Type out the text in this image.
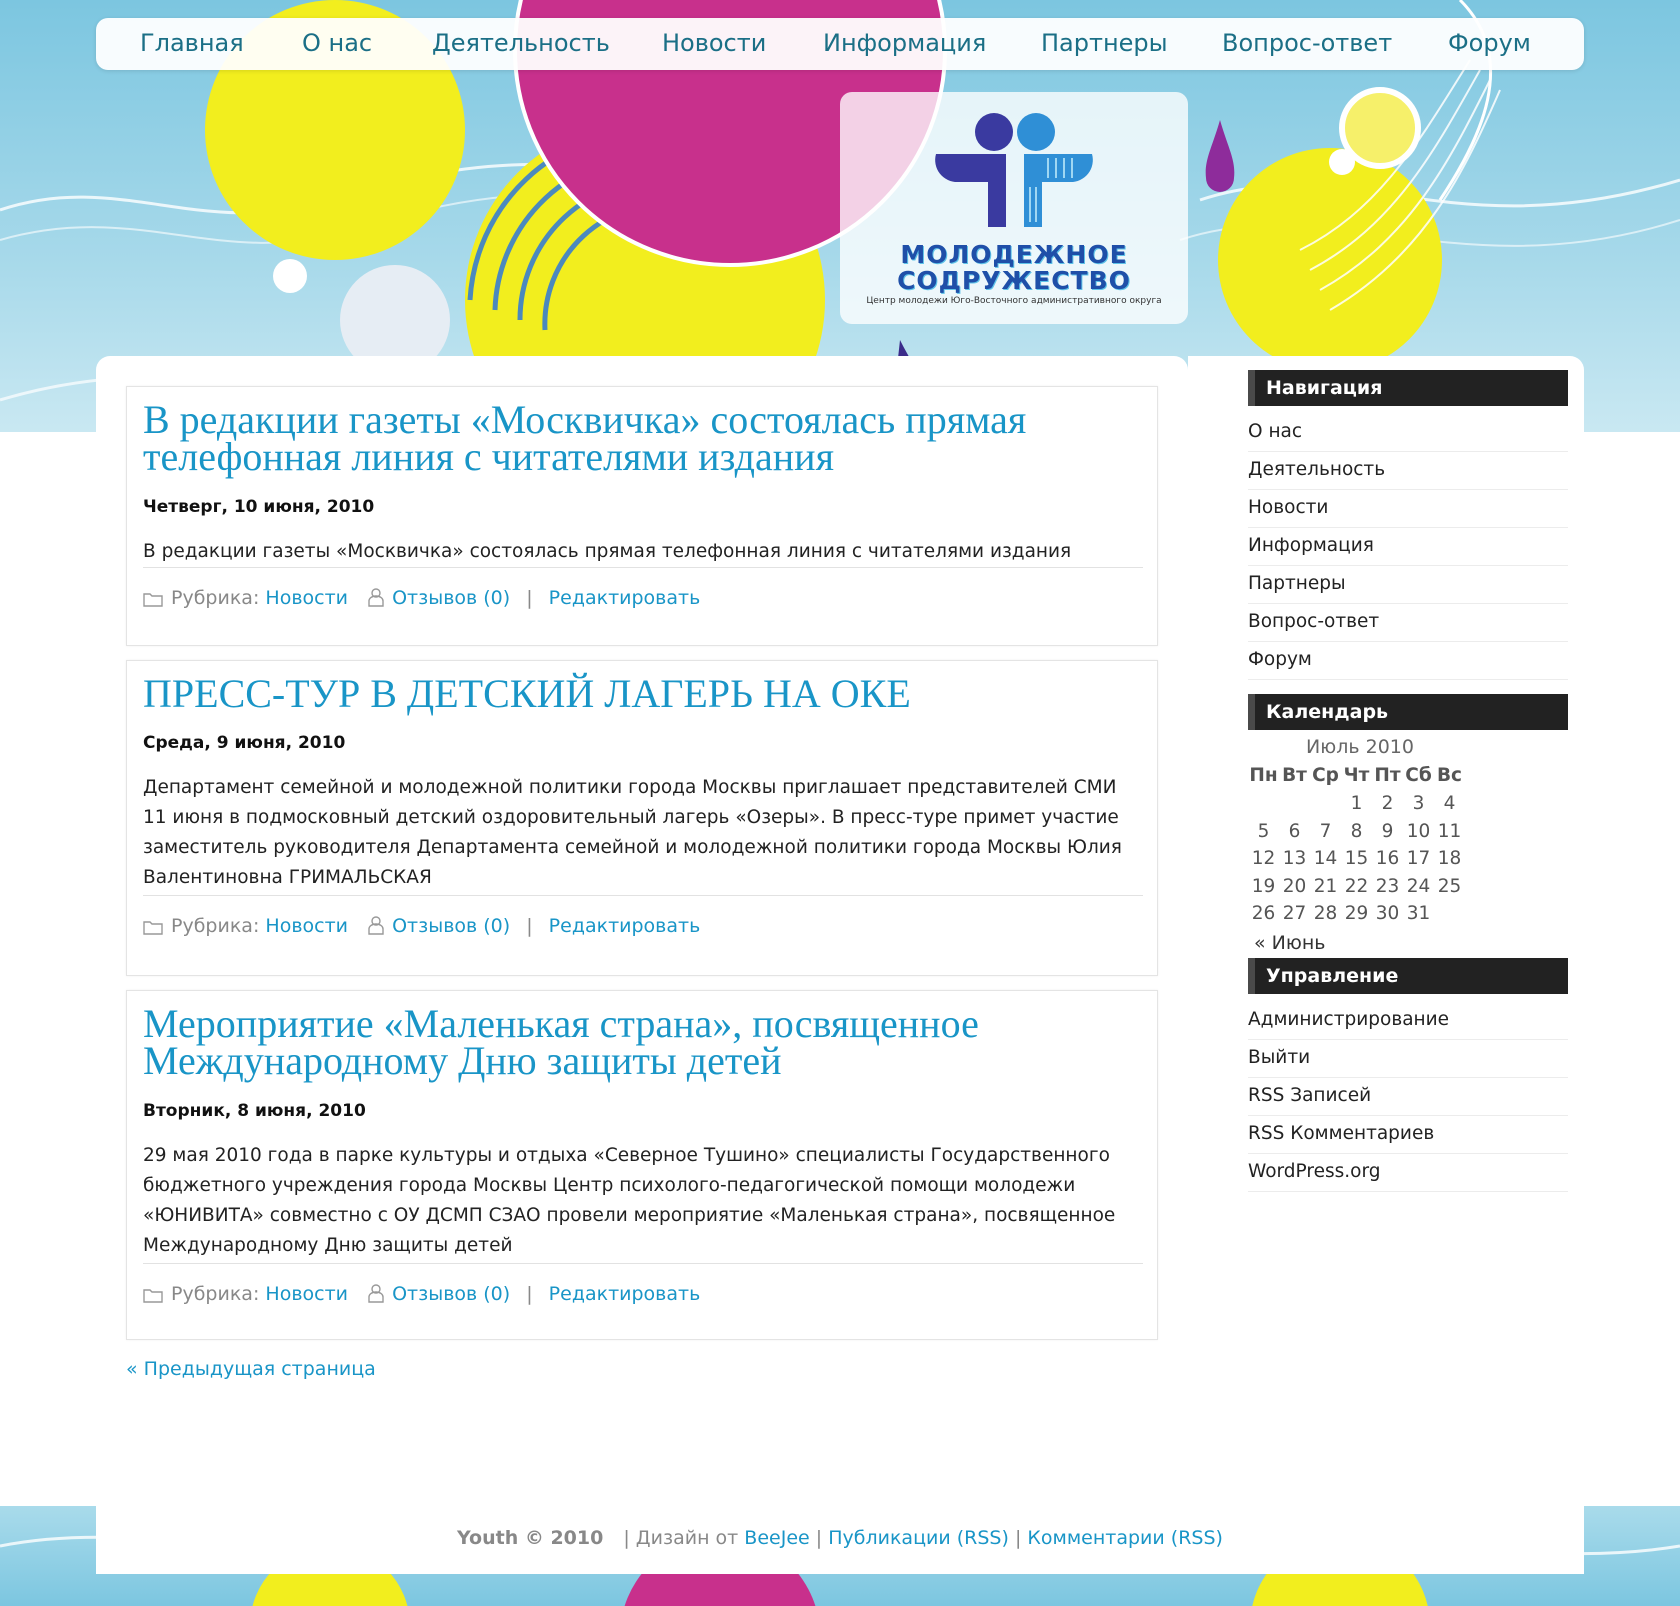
Главная О нас Деятельность Новости Информация Партнеры Вопрос-ответ Форум
МОЛОДЕЖНОЕ
СОДРУЖЕСТВО
Центр молодежи Юго-Восточного административного округа
В редакции газеты «Москвичка» состоялась прямая телефонная линия с читателями издания
Четверг, 10 июня, 2010
В редакции газеты «Москвичка» состоялась прямая телефонная линия с читателями издания
Рубрика: Новости Отзывов (0) | Редактировать
ПРЕСС-ТУР В ДЕТСКИЙ ЛАГЕРЬ НА ОКЕ
Среда, 9 июня, 2010
Департамент семейной и молодежной политики города Москвы приглашает представителей СМИ 11 июня в подмосковный детский оздоровительный лагерь «Озеры». В пресс-туре примет участие заместитель руководителя Департамента семейной и молодежной политики города Москвы Юлия Валентиновна ГРИМАЛЬСКАЯ
Рубрика: Новости Отзывов (0) | Редактировать
Мероприятие «Маленькая страна», посвященное Международному Дню защиты детей
Вторник, 8 июня, 2010
29 мая 2010 года в парке культуры и отдыха «Северное Тушино» специалисты Государственного бюджетного учреждения города Москвы Центр психолого-педагогической помощи молодежи «ЮНИВИТА» совместно с ОУ ДСМП СЗАО провели мероприятие «Маленькая страна», посвященное Международному Дню защиты детей
Рубрика: Новости Отзывов (0) | Редактировать
« Предыдущая страница
Навигация
О нас
Деятельность
Новости
Информация
Партнеры
Вопрос-ответ
Форум
Календарь
Июль 2010
Пн	Вт	Ср	Чт	Пт	Сб	Вс
			1	2	3	4
5	6	7	8	9	10	11
12	13	14	15	16	17	18
19	20	21	22	23	24	25
26	27	28	29	30	31	
« Июнь
Управление
Администрирование
Выйти
RSS Записей
RSS Комментариев
WordPress.org
Youth © 2010 | Дизайн от BeeJee | Публикации (RSS) | Комментарии (RSS)
